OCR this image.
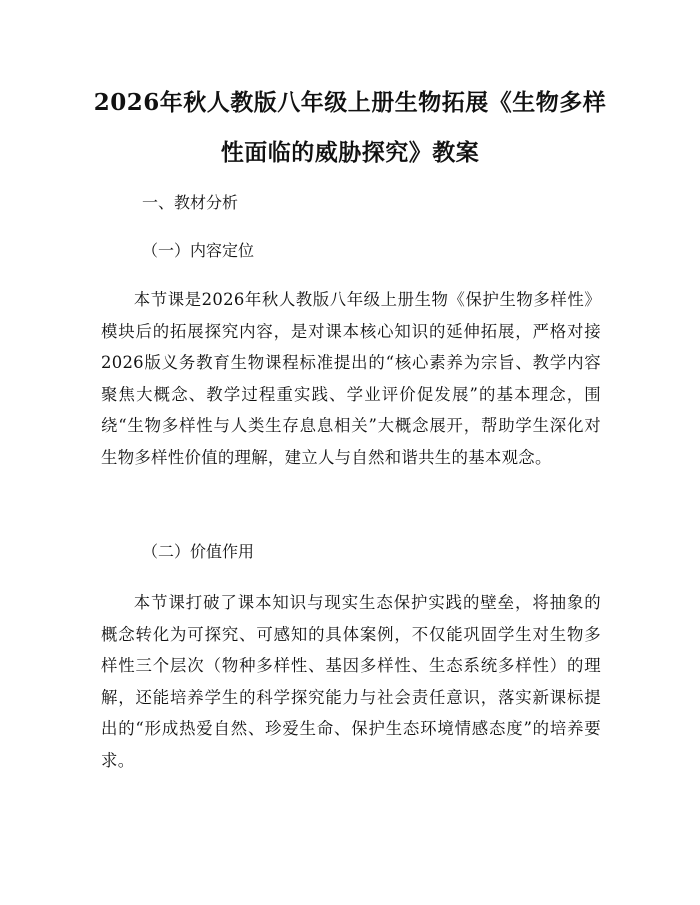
2026年秋人教版八年级上册生物拓展《生物多样性面临的威胁探究》教案

一、教材分析

（一）内容定位

本节课是2026年秋人教版八年级上册生物《保护生物多样性》模块后的拓展探究内容，是对课本核心知识的延伸拓展，严格对接2026版义务教育生物课程标准提出的“核心素养为宗旨、教学内容聚焦大概念、教学过程重实践、学业评价促发展”的基本理念，围绕“生物多样性与人类生存息息相关”大概念展开，帮助学生深化对生物多样性价值的理解，建立人与自然和谐共生的基本观念。

（二）价值作用

本节课打破了课本知识与现实生态保护实践的壁垒，将抽象的概念转化为可探究、可感知的具体案例，不仅能巩固学生对生物多样性三个层次（物种多样性、基因多样性、生态系统多样性）的理解，还能培养学生的科学探究能力与社会责任意识，落实新课标提出的“形成热爱自然、珍爱生命、保护生态环境情感态度”的培养要求。
